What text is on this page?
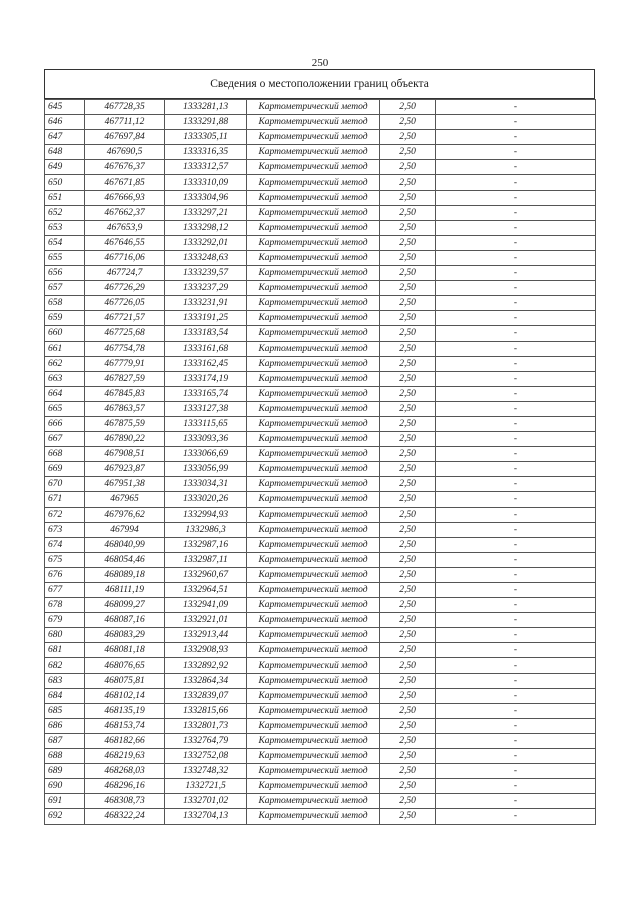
250
Сведения о местоположении границ объекта
645	467728,35	1333281,13	Картометрический метод	2,50	-
646	467711,12	1333291,88	Картометрический метод	2,50	-
647	467697,84	1333305,11	Картометрический метод	2,50	-
648	467690,5	1333316,35	Картометрический метод	2,50	-
649	467676,37	1333312,57	Картометрический метод	2,50	-
650	467671,85	1333310,09	Картометрический метод	2,50	-
651	467666,93	1333304,96	Картометрический метод	2,50	-
652	467662,37	1333297,21	Картометрический метод	2,50	-
653	467653,9	1333298,12	Картометрический метод	2,50	-
654	467646,55	1333292,01	Картометрический метод	2,50	-
655	467716,06	1333248,63	Картометрический метод	2,50	-
656	467724,7	1333239,57	Картометрический метод	2,50	-
657	467726,29	1333237,29	Картометрический метод	2,50	-
658	467726,05	1333231,91	Картометрический метод	2,50	-
659	467721,57	1333191,25	Картометрический метод	2,50	-
660	467725,68	1333183,54	Картометрический метод	2,50	-
661	467754,78	1333161,68	Картометрический метод	2,50	-
662	467779,91	1333162,45	Картометрический метод	2,50	-
663	467827,59	1333174,19	Картометрический метод	2,50	-
664	467845,83	1333165,74	Картометрический метод	2,50	-
665	467863,57	1333127,38	Картометрический метод	2,50	-
666	467875,59	1333115,65	Картометрический метод	2,50	-
667	467890,22	1333093,36	Картометрический метод	2,50	-
668	467908,51	1333066,69	Картометрический метод	2,50	-
669	467923,87	1333056,99	Картометрический метод	2,50	-
670	467951,38	1333034,31	Картометрический метод	2,50	-
671	467965	1333020,26	Картометрический метод	2,50	-
672	467976,62	1332994,93	Картометрический метод	2,50	-
673	467994	1332986,3	Картометрический метод	2,50	-
674	468040,99	1332987,16	Картометрический метод	2,50	-
675	468054,46	1332987,11	Картометрический метод	2,50	-
676	468089,18	1332960,67	Картометрический метод	2,50	-
677	468111,19	1332964,51	Картометрический метод	2,50	-
678	468099,27	1332941,09	Картометрический метод	2,50	-
679	468087,16	1332921,01	Картометрический метод	2,50	-
680	468083,29	1332913,44	Картометрический метод	2,50	-
681	468081,18	1332908,93	Картометрический метод	2,50	-
682	468076,65	1332892,92	Картометрический метод	2,50	-
683	468075,81	1332864,34	Картометрический метод	2,50	-
684	468102,14	1332839,07	Картометрический метод	2,50	-
685	468135,19	1332815,66	Картометрический метод	2,50	-
686	468153,74	1332801,73	Картометрический метод	2,50	-
687	468182,66	1332764,79	Картометрический метод	2,50	-
688	468219,63	1332752,08	Картометрический метод	2,50	-
689	468268,03	1332748,32	Картометрический метод	2,50	-
690	468296,16	1332721,5	Картометрический метод	2,50	-
691	468308,73	1332701,02	Картометрический метод	2,50	-
692	468322,24	1332704,13	Картометрический метод	2,50	-
